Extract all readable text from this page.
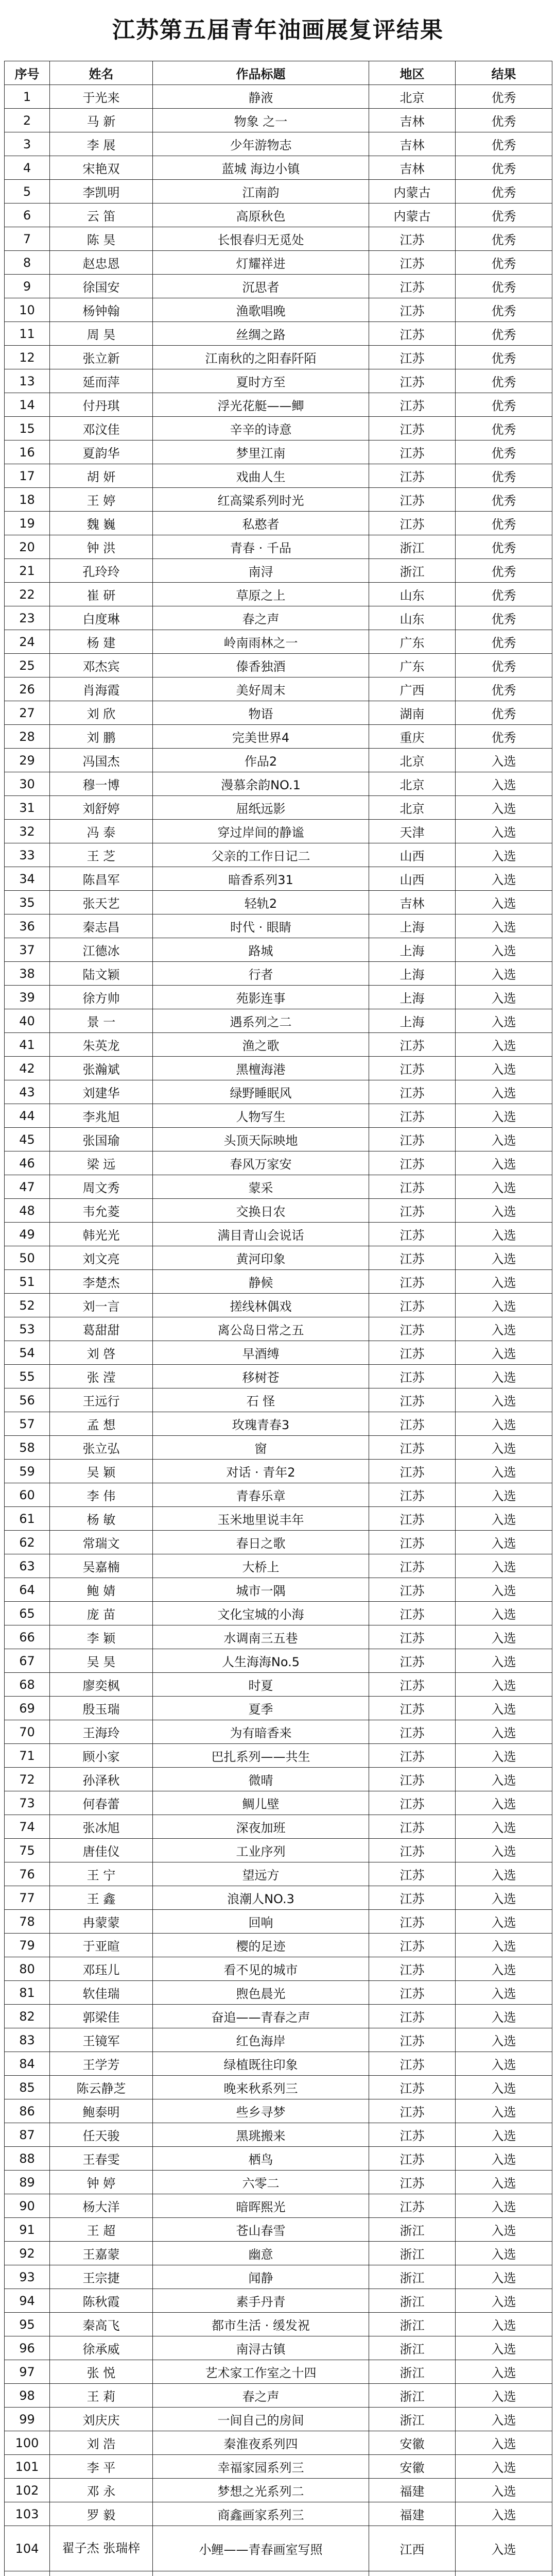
江苏第五届青年油画展复评结果
序号	姓名	作品标题	地区	结果
1	于光来	静液	北京	优秀
2	马 新	物象 之一	吉林	优秀
3	李 展	少年游物志	吉林	优秀
4	宋艳双	蓝城 海边小镇	吉林	优秀
5	李凯明	江南韵	内蒙古	优秀
6	云 笛	高原秋色	内蒙古	优秀
7	陈 昊	长恨春归无觅处	江苏	优秀
8	赵忠恩	灯耀祥进	江苏	优秀
9	徐国安	沉思者	江苏	优秀
10	杨钟翰	渔歌唱晚	江苏	优秀
11	周 昊	丝绸之路	江苏	优秀
12	张立新	江南秋的之阳春阡陌	江苏	优秀
13	延而萍	夏时方至	江苏	优秀
14	付丹琪	浮光花艇——鲫	江苏	优秀
15	邓汶佳	辛辛的诗意	江苏	优秀
16	夏韵华	梦里江南	江苏	优秀
17	胡 妍	戏曲人生	江苏	优秀
18	王 婷	红高粱系列时光	江苏	优秀
19	魏 巍	私憨者	江苏	优秀
20	钟 洪	青春 · 千品	浙江	优秀
21	孔玲玲	南浔	浙江	优秀
22	崔 研	草原之上	山东	优秀
23	白度琳	春之声	山东	优秀
24	杨 建	岭南雨林之一	广东	优秀
25	邓杰宾	傣香独酒	广东	优秀
26	肖海霞	美好周末	广西	优秀
27	刘 欣	物语	湖南	优秀
28	刘 鹏	完美世界4	重庆	优秀
29	冯国杰	作品2	北京	入选
30	穆一博	漫慕余韵NO.1	北京	入选
31	刘舒婷	屈纸远影	北京	入选
32	冯 泰	穿过岸间的静谧	天津	入选
33	王 芝	父亲的工作日记二	山西	入选
34	陈昌军	暗香系列31	山西	入选
35	张天艺	轻轨2	吉林	入选
36	秦志昌	时代 · 眼睛	上海	入选
37	江德冰	路城	上海	入选
38	陆文颖	行者	上海	入选
39	徐方帅	苑影连事	上海	入选
40	景 一	遇系列之二	上海	入选
41	朱英龙	渔之歌	江苏	入选
42	张瀚斌	黑檀海港	江苏	入选
43	刘建华	绿野睡眠风	江苏	入选
44	李兆旭	人物写生	江苏	入选
45	张国瑜	头顶天际映地	江苏	入选
46	梁 远	春风万家安	江苏	入选
47	周文秀	蒙采	江苏	入选
48	韦允菱	交换日农	江苏	入选
49	韩光光	满目青山会说话	江苏	入选
50	刘文亮	黄河印象	江苏	入选
51	李楚杰	静候	江苏	入选
52	刘一言	搓线林偶戏	江苏	入选
53	葛甜甜	离公岛日常之五	江苏	入选
54	刘 啓	早酒缚	江苏	入选
55	张 滢	移树苍	江苏	入选
56	王远行	石 怪	江苏	入选
57	孟 想	玫瑰青春3	江苏	入选
58	张立弘	窗	江苏	入选
59	吴 颖	对话 · 青年2	江苏	入选
60	李 伟	青春乐章	江苏	入选
61	杨 敏	玉米地里说丰年	江苏	入选
62	常瑞文	春日之歌	江苏	入选
63	吴嘉楠	大桥上	江苏	入选
64	鲍 婧	城市一隅	江苏	入选
65	庞 苗	文化宝城的小海	江苏	入选
66	李 颖	水调南三五巷	江苏	入选
67	吴 昊	人生海海No.5	江苏	入选
68	廖奕枫	时夏	江苏	入选
69	殷玉瑞	夏季	江苏	入选
70	王海玲	为有暗香来	江苏	入选
71	顾小家	巴扎系列——共生	江苏	入选
72	孙泽秋	微晴	江苏	入选
73	何春蕾	鲷儿壁	江苏	入选
74	张冰旭	深夜加班	江苏	入选
75	唐佳仪	工业序列	江苏	入选
76	王 宁	望远方	江苏	入选
77	王 鑫	浪潮人NO.3	江苏	入选
78	冉蒙蒙	回响	江苏	入选
79	于亚暄	樱的足迹	江苏	入选
80	邓珏儿	看不见的城市	江苏	入选
81	软佳瑞	煦色晨光	江苏	入选
82	郭梁佳	奋追——青春之声	江苏	入选
83	王镜军	红色海岸	江苏	入选
84	王学芳	绿植既往印象	江苏	入选
85	陈云静芝	晚来秋系列三	江苏	入选
86	鲍泰明	些乡寻梦	江苏	入选
87	任天骏	黑珧搬来	江苏	入选
88	王春雯	栖鸟	江苏	入选
89	钟 婷	六零二	江苏	入选
90	杨大洋	暗晖熙光	江苏	入选
91	王 超	苍山春雪	浙江	入选
92	王嘉蒙	幽意	浙江	入选
93	王宗捷	闻静	浙江	入选
94	陈秋霞	素手丹青	浙江	入选
95	秦高飞	都市生活 · 缓发祝	浙江	入选
96	徐承威	南浔古镇	浙江	入选
97	张 悦	艺术家工作室之十四	浙江	入选
98	王 莉	春之声	浙江	入选
99	刘庆庆	一间自己的房间	浙江	入选
100	刘 浩	秦淮夜系列四	安徽	入选
101	李 平	幸福家园系列三	安徽	入选
102	邓 永	梦想之光系列二	福建	入选
103	罗 毅	商鑫画家系列三	福建	入选
104	翟子杰 张瑞梓	小鲤——青春画室写照	江西	入选
